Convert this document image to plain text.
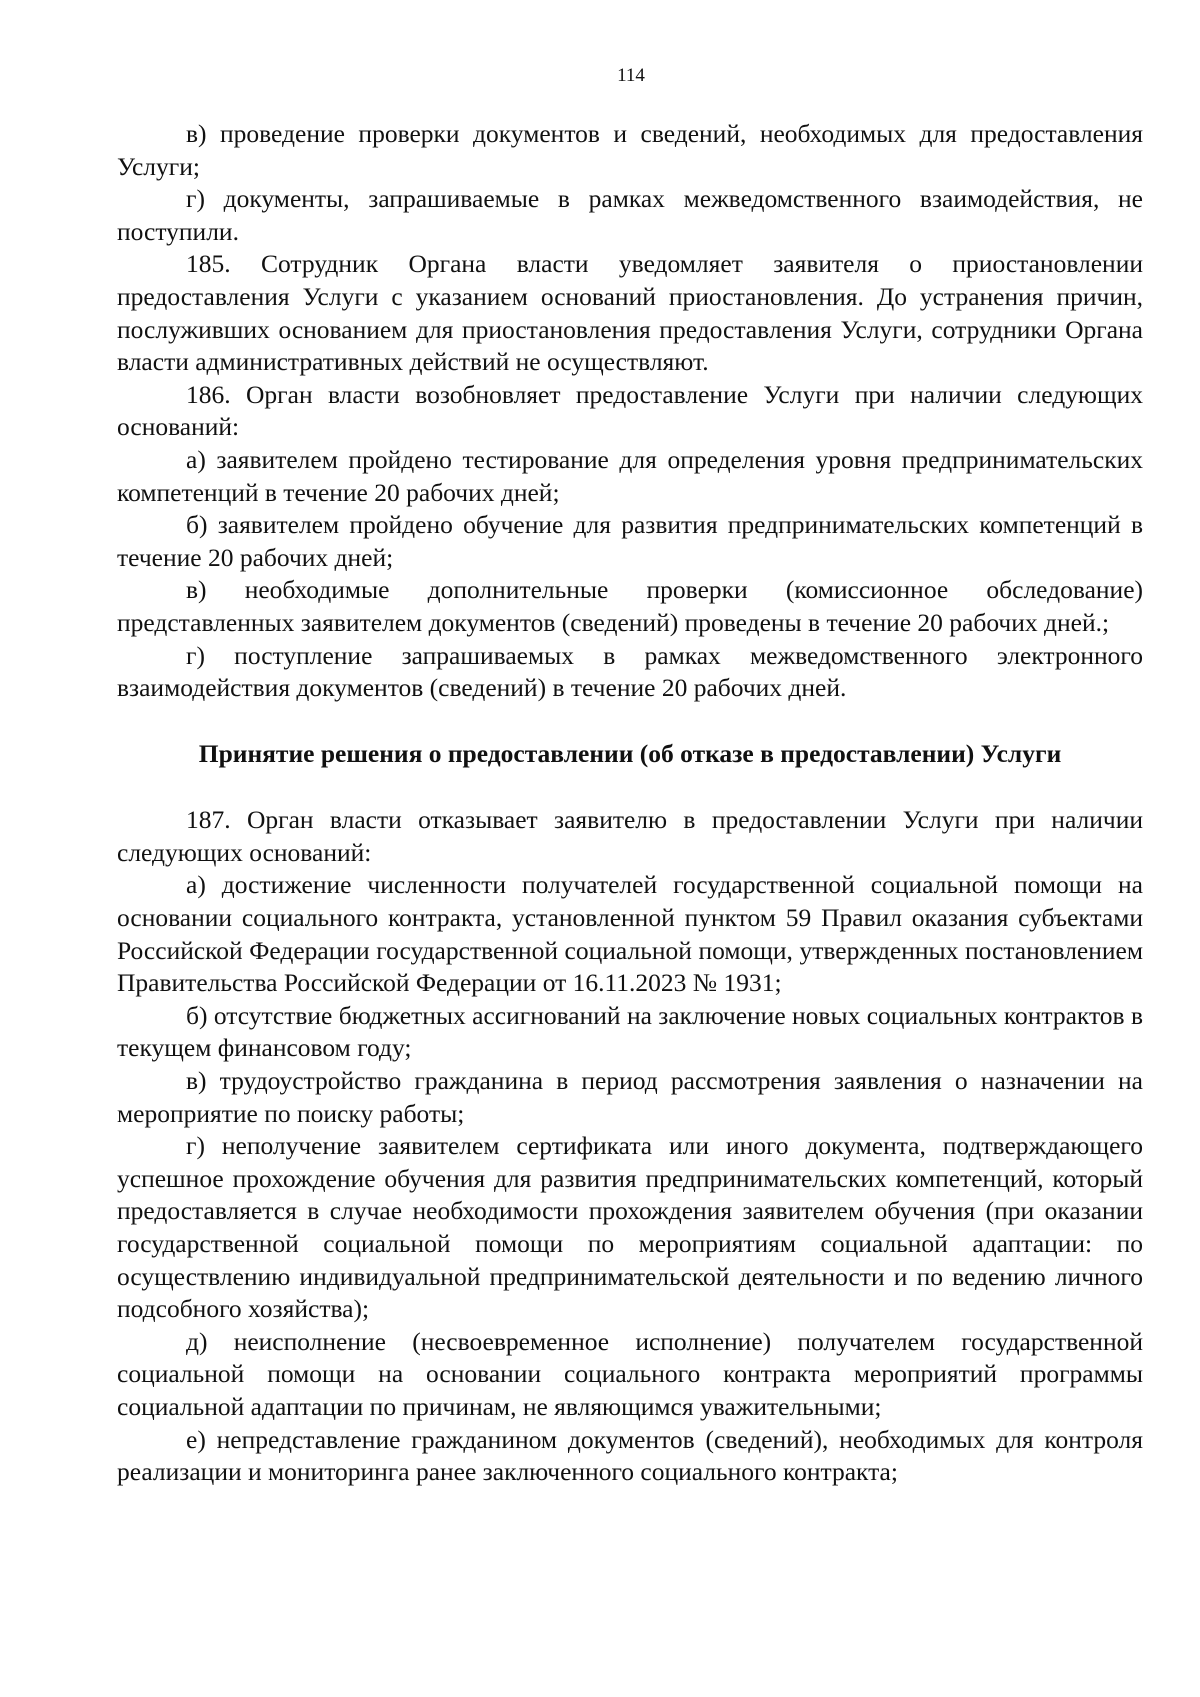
114

в) проведение проверки документов и сведений, необходимых для предоставления Услуги;

г) документы, запрашиваемые в рамках межведомственного взаимодействия, не поступили.

185. Сотрудник Органа власти уведомляет заявителя о приостановлении предоставления Услуги с указанием оснований приостановления. До устранения причин, послуживших основанием для приостановления предоставления Услуги, сотрудники Органа власти административных действий не осуществляют.

186. Орган власти возобновляет предоставление Услуги при наличии следующих оснований:

а) заявителем пройдено тестирование для определения уровня предпринимательских компетенций в течение 20 рабочих дней;

б) заявителем пройдено обучение для развития предпринимательских компетенций в течение 20 рабочих дней;

в) необходимые дополнительные проверки (комиссионное обследование) представленных заявителем документов (сведений) проведены в течение 20 рабочих дней.;

г) поступление запрашиваемых в рамках межведомственного электронного взаимодействия документов (сведений) в течение 20 рабочих дней.

Принятие решения о предоставлении (об отказе в предоставлении) Услуги

187. Орган власти отказывает заявителю в предоставлении Услуги при наличии следующих оснований:

а) достижение численности получателей государственной социальной помощи на основании социального контракта, установленной пунктом 59 Правил оказания субъектами Российской Федерации государственной социальной помощи, утвержденных постановлением Правительства Российской Федерации от 16.11.2023 № 1931;

б) отсутствие бюджетных ассигнований на заключение новых социальных контрактов в текущем финансовом году;

в) трудоустройство гражданина в период рассмотрения заявления о назначении на мероприятие по поиску работы;

г) неполучение заявителем сертификата или иного документа, подтверждающего успешное прохождение обучения для развития предпринимательских компетенций, который предоставляется в случае необходимости прохождения заявителем обучения (при оказании государственной социальной помощи по мероприятиям социальной адаптации: по осуществлению индивидуальной предпринимательской деятельности и по ведению личного подсобного хозяйства);

д) неисполнение (несвоевременное исполнение) получателем государственной социальной помощи на основании социального контракта мероприятий программы социальной адаптации по причинам, не являющимся уважительными;

е) непредставление гражданином документов (сведений), необходимых для контроля реализации и мониторинга ранее заключенного социального контракта;
